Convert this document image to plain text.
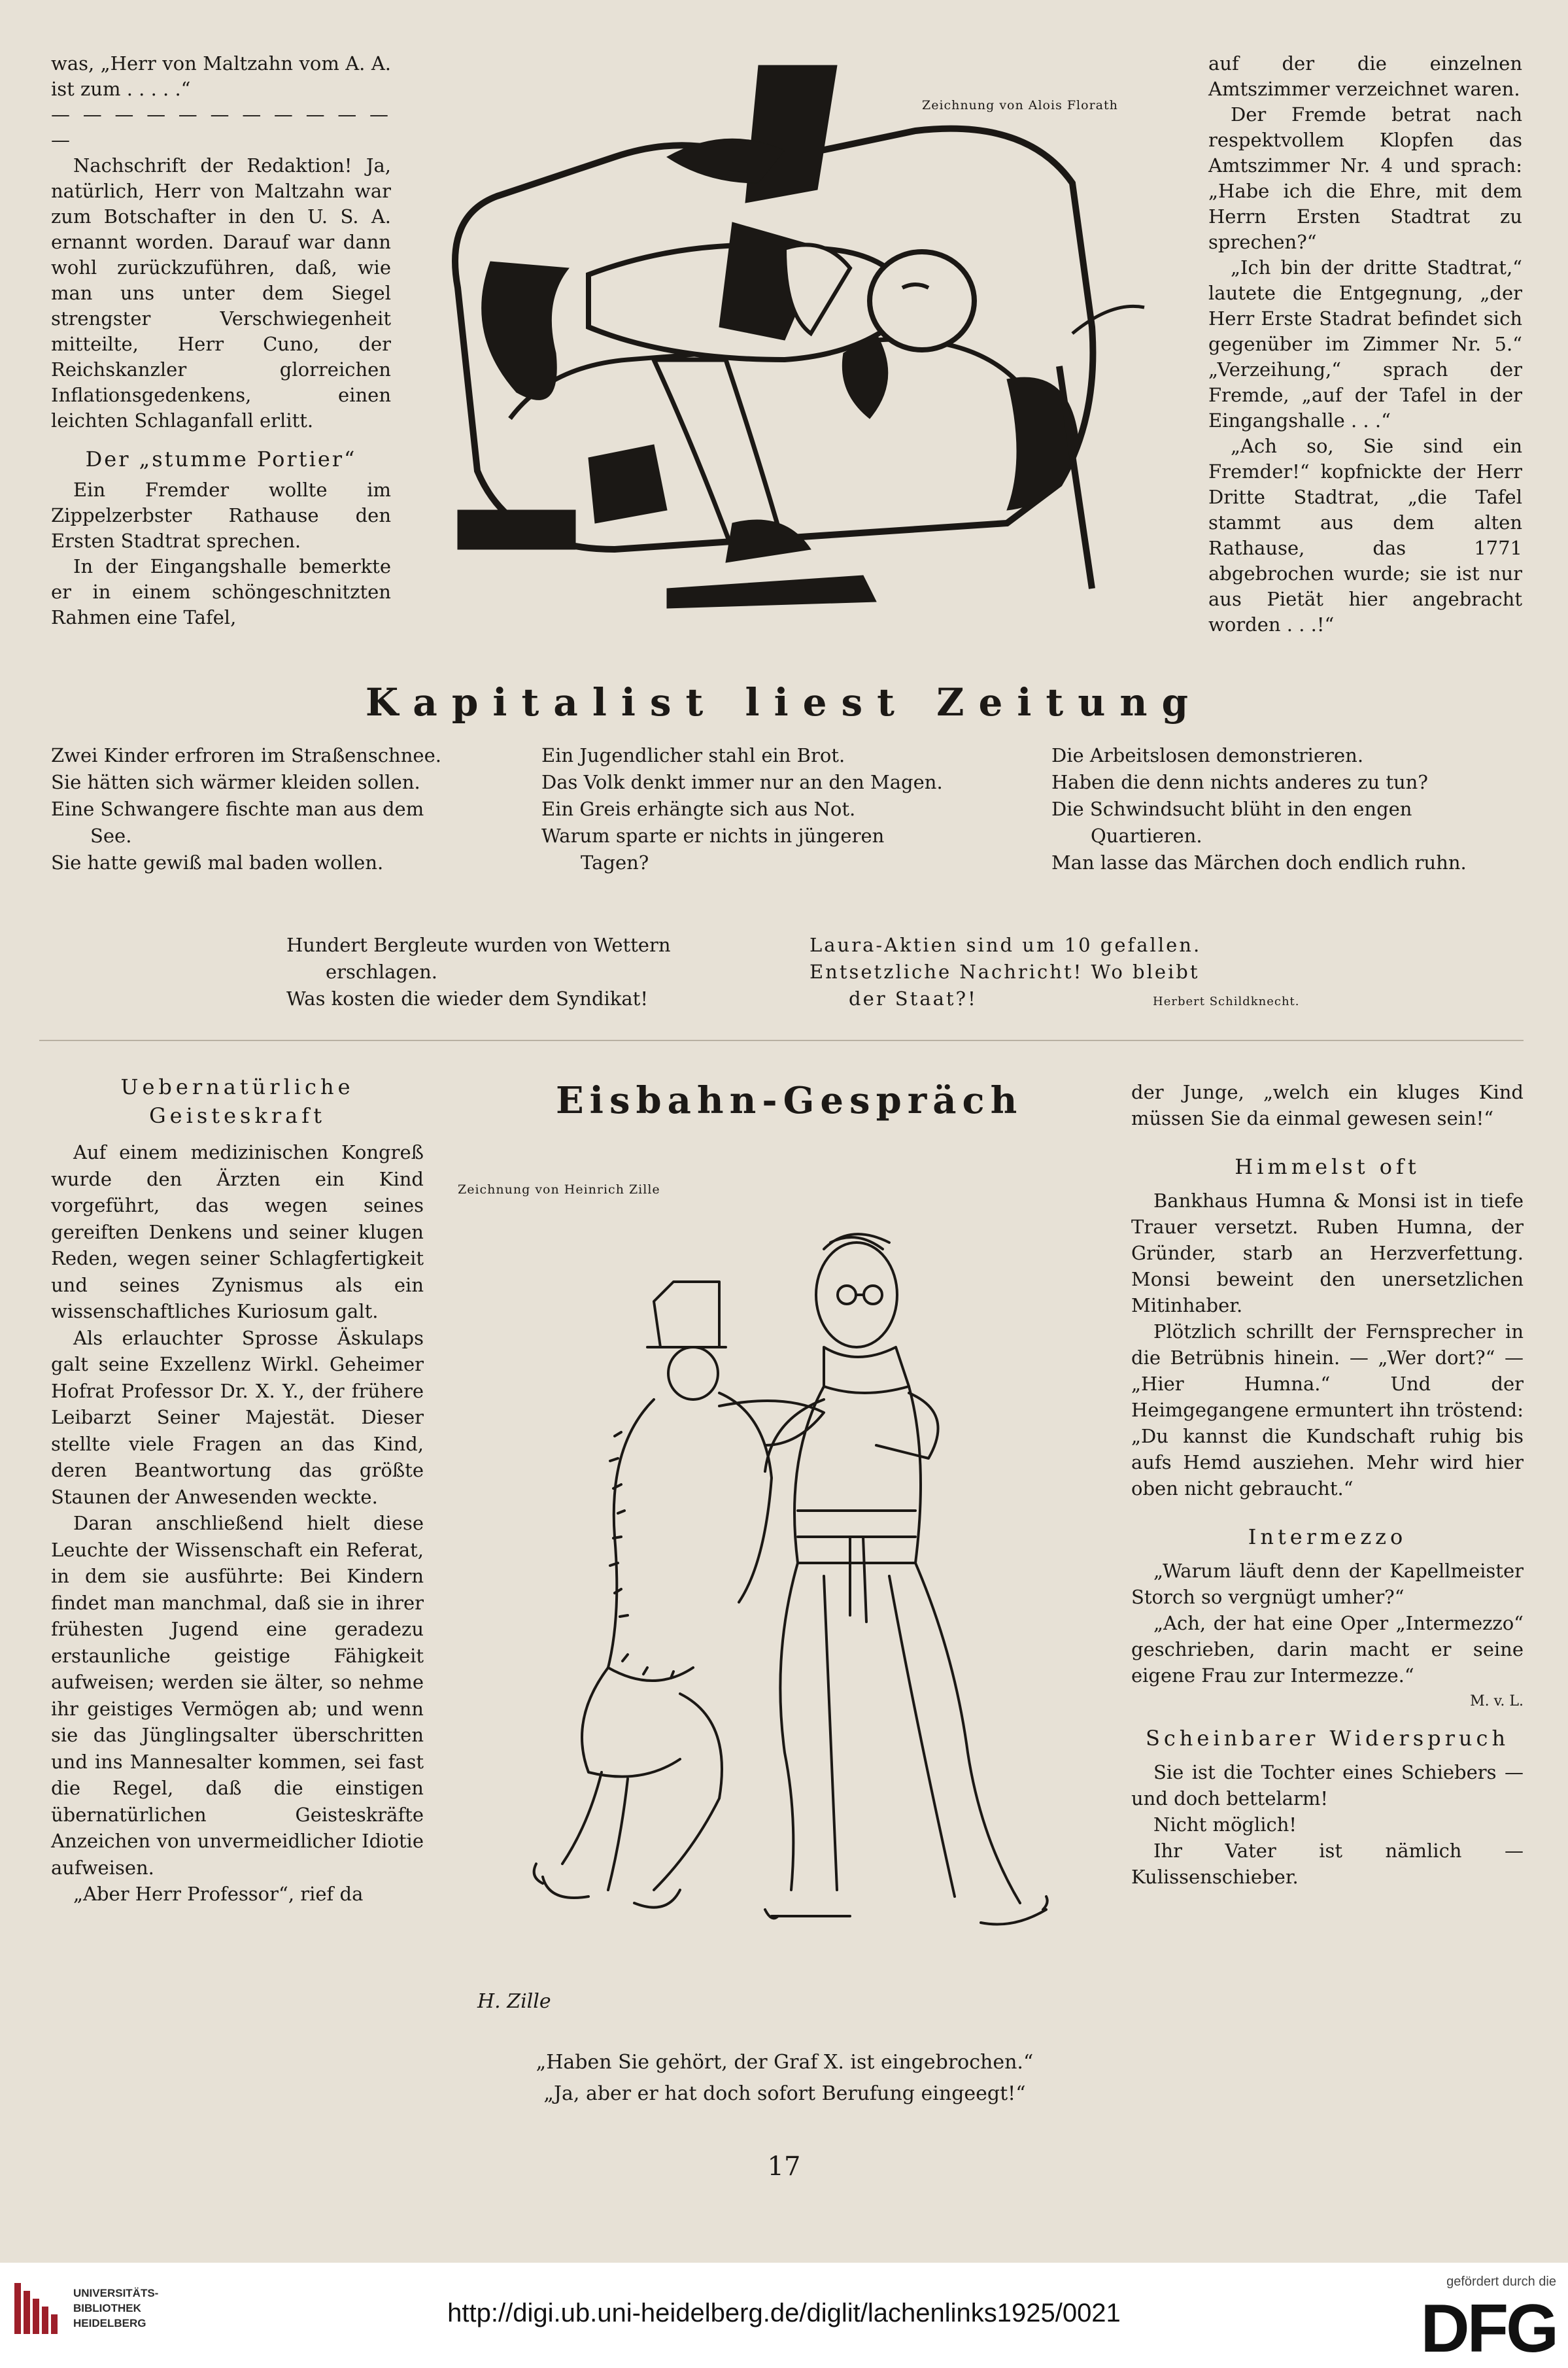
was, „Herr von Maltzahn vom A. A. ist zum . . . . .“

— — — — — — — — — — — —

Nachschrift der Redaktion! Ja, natürlich, Herr von Maltzahn war zum Botschafter in den U. S. A. ernannt worden. Darauf war dann wohl zurückzuführen, daß, wie man uns unter dem Siegel strengster Verschwiegenheit mitteilte, Herr Cuno, der Reichskanzler glorreichen Inflationsgedenkens, einen leichten Schlaganfall erlitt.

Der „stumme Portier“

Ein Fremder wollte im Zippelzerbster Rathause den Ersten Stadtrat sprechen.

In der Eingangshalle bemerkte er in einem schöngeschnitzten Rahmen eine Tafel,

Zeichnung von Alois Florath

auf der die einzelnen Amtszimmer verzeichnet waren.

Der Fremde betrat nach respektvollem Klopfen das Amtszimmer Nr. 4 und sprach: „Habe ich die Ehre, mit dem Herrn Ersten Stadtrat zu sprechen?“

„Ich bin der dritte Stadtrat,“ lautete die Entgegnung, „der Herr Erste Stadrat befindet sich gegenüber im Zimmer Nr. 5.“ „Verzeihung,“ sprach der Fremde, „auf der Tafel in der Eingangshalle . . .“

„Ach so, Sie sind ein Fremder!“ kopfnickte der Herr Dritte Stadtrat, „die Tafel stammt aus dem alten Rathause, das 1771 abgebrochen wurde; sie ist nur aus Pietät hier angebracht worden . . .!“

Kapitalist liest Zeitung
Zwei Kinder erfroren im Straßenschnee.
Sie hätten sich wärmer kleiden sollen.
Eine Schwangere fischte man aus dem
See.
Sie hatte gewiß mal baden wollen.
Ein Jugendlicher stahl ein Brot.
Das Volk denkt immer nur an den Magen.
Ein Greis erhängte sich aus Not.
Warum sparte er nichts in jüngeren
Tagen?
Die Arbeitslosen demonstrieren.
Haben die denn nichts anderes zu tun?
Die Schwindsucht blüht in den engen
Quartieren.
Man lasse das Märchen doch endlich ruhn.
Hundert Bergleute wurden von Wettern
erschlagen.
Was kosten die wieder dem Syndikat!
Laura-Aktien sind um 10 gefallen.
Entsetzliche Nachricht! Wo bleibt
der Staat?!	Herbert Schildknecht.

Uebernatürliche

Geisteskraft

Auf einem medizinischen Kongreß wurde den Ärzten ein Kind vorgeführt, das wegen seines gereiften Denkens und seiner klugen Reden, wegen seiner Schlagfertigkeit und seines Zynismus als ein wissenschaftliches Kuriosum galt.

Als erlauchter Sprosse Äskulaps galt seine Exzellenz Wirkl. Geheimer Hofrat Professor Dr. X. Y., der frühere Leibarzt Seiner Majestät. Dieser stellte viele Fragen an das Kind, deren Beantwortung das größte Staunen der Anwesenden weckte.

Daran anschließend hielt diese Leuchte der Wissenschaft ein Referat, in dem sie ausführte: Bei Kindern findet man manchmal, daß sie in ihrer frühesten Jugend eine geradezu erstaunliche geistige Fähigkeit aufweisen; werden sie älter, so nehme ihr geistiges Vermögen ab; und wenn sie das Jünglingsalter überschritten und ins Mannesalter kommen, sei fast die Regel, daß die einstigen übernatürlichen Geisteskräfte Anzeichen von unvermeidlicher Idiotie aufweisen.

„Aber Herr Professor“, rief da

Eisbahn-Gespräch
Zeichnung von Heinrich Zille
H. Zille
„Haben Sie gehört, der Graf X. ist eingebrochen.“
„Ja, aber er hat doch sofort Berufung eingeegt!“

der Junge, „welch ein kluges Kind müssen Sie da einmal gewesen sein!“

Himmelst oft

Bankhaus Humna & Monsi ist in tiefe Trauer versetzt. Ruben Humna, der Gründer, starb an Herzverfettung. Monsi beweint den unersetzlichen Mitinhaber.

Plötzlich schrillt der Fernsprecher in die Betrübnis hinein. — „Wer dort?“ — „Hier Humna.“ Und der Heimgegangene ermuntert ihn tröstend: „Du kannst die Kundschaft ruhig bis aufs Hemd ausziehen. Mehr wird hier oben nicht gebraucht.“

Intermezzo

„Warum läuft denn der Kapellmeister Storch so vergnügt umher?“

„Ach, der hat eine Oper „Intermezzo“ geschrieben, darin macht er seine eigene Frau zur Intermezze.“

M. v. L.

Scheinbarer Widerspruch

Sie ist die Tochter eines Schiebers — und doch bettelarm!

Nicht möglich!

Ihr Vater ist nämlich — Kulissenschieber.

17
UNIVERSITÄTS-
BIBLIOTHEK
HEIDELBERG	http://digi.ub.uni-heidelberg.de/diglit/lachenlinks1925/0021
gefördert durch die
DFG
